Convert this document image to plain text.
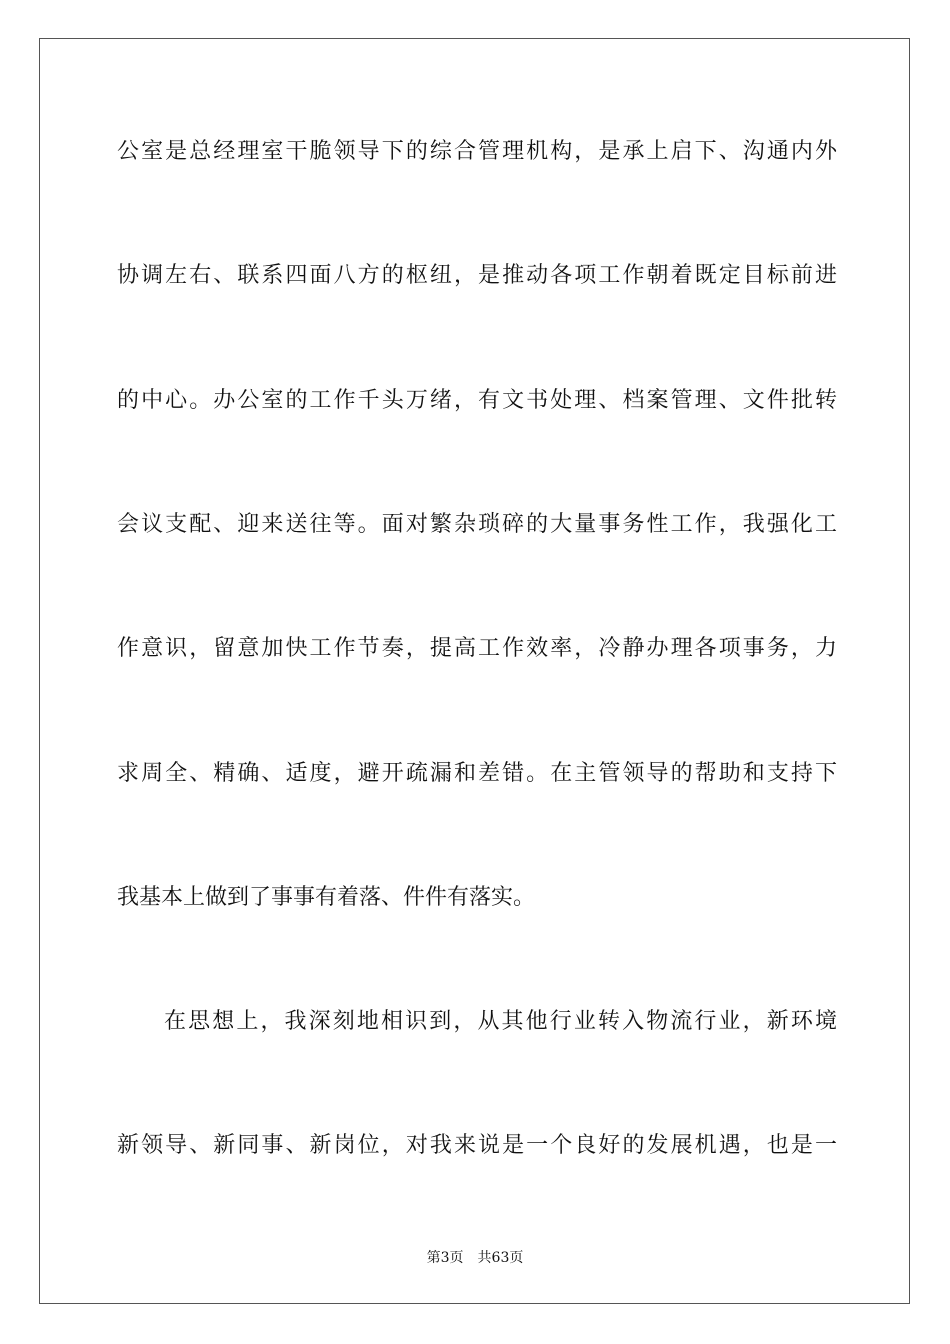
公室是总经理室干脆领导下的综合管理机构，是承上启下、沟通内外
协调左右、联系四面八方的枢纽，是推动各项工作朝着既定目标前进
的中心。办公室的工作千头万绪，有文书处理、档案管理、文件批转
会议支配、迎来送往等。面对繁杂琐碎的大量事务性工作，我强化工
作意识，留意加快工作节奏，提高工作效率，冷静办理各项事务，力
求周全、精确、适度，避开疏漏和差错。在主管领导的帮助和支持下
我基本上做到了事事有着落、件件有落实。
在思想上，我深刻地相识到，从其他行业转入物流行业，新环境
新领导、新同事、新岗位，对我来说是一个良好的发展机遇，也是一
第3页 共63页
